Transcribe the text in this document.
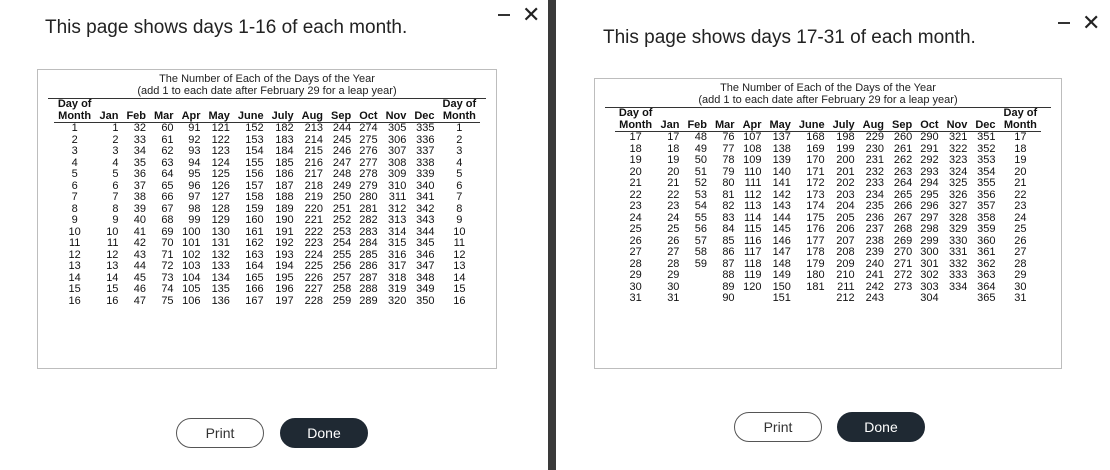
This page shows days 1-16 of each month.
✕
The Number of Each of the Days of the Year

(add 1 to each date after February 29 for a leap year)
Day of													Day of
Month	Jan	Feb	Mar	Apr	May	June	July	Aug	Sep	Oct	Nov	Dec	Month
1	1	32	60	91	121	152	182	213	244	274	305	335	1
2	2	33	61	92	122	153	183	214	245	275	306	336	2
3	3	34	62	93	123	154	184	215	246	276	307	337	3
4	4	35	63	94	124	155	185	216	247	277	308	338	4
5	5	36	64	95	125	156	186	217	248	278	309	339	5
6	6	37	65	96	126	157	187	218	249	279	310	340	6
7	7	38	66	97	127	158	188	219	250	280	311	341	7
8	8	39	67	98	128	159	189	220	251	281	312	342	8
9	9	40	68	99	129	160	190	221	252	282	313	343	9
10	10	41	69	100	130	161	191	222	253	283	314	344	10
11	11	42	70	101	131	162	192	223	254	284	315	345	11
12	12	43	71	102	132	163	193	224	255	285	316	346	12
13	13	44	72	103	133	164	194	225	256	286	317	347	13
14	14	45	73	104	134	165	195	226	257	287	318	348	14
15	15	46	74	105	135	166	196	227	258	288	319	349	15
16	16	47	75	106	136	167	197	228	259	289	320	350	16
Print	Done
This page shows days 17-31 of each month.
✕
The Number of Each of the Days of the Year

(add 1 to each date after February 29 for a leap year)
Day of													Day of
Month	Jan	Feb	Mar	Apr	May	June	July	Aug	Sep	Oct	Nov	Dec	Month
17	17	48	76	107	137	168	198	229	260	290	321	351	17
18	18	49	77	108	138	169	199	230	261	291	322	352	18
19	19	50	78	109	139	170	200	231	262	292	323	353	19
20	20	51	79	110	140	171	201	232	263	293	324	354	20
21	21	52	80	111	141	172	202	233	264	294	325	355	21
22	22	53	81	112	142	173	203	234	265	295	326	356	22
23	23	54	82	113	143	174	204	235	266	296	327	357	23
24	24	55	83	114	144	175	205	236	267	297	328	358	24
25	25	56	84	115	145	176	206	237	268	298	329	359	25
26	26	57	85	116	146	177	207	238	269	299	330	360	26
27	27	58	86	117	147	178	208	239	270	300	331	361	27
28	28	59	87	118	148	179	209	240	271	301	332	362	28
29	29		88	119	149	180	210	241	272	302	333	363	29
30	30		89	120	150	181	211	242	273	303	334	364	30
31	31		90		151		212	243		304		365	31
Print	Done
